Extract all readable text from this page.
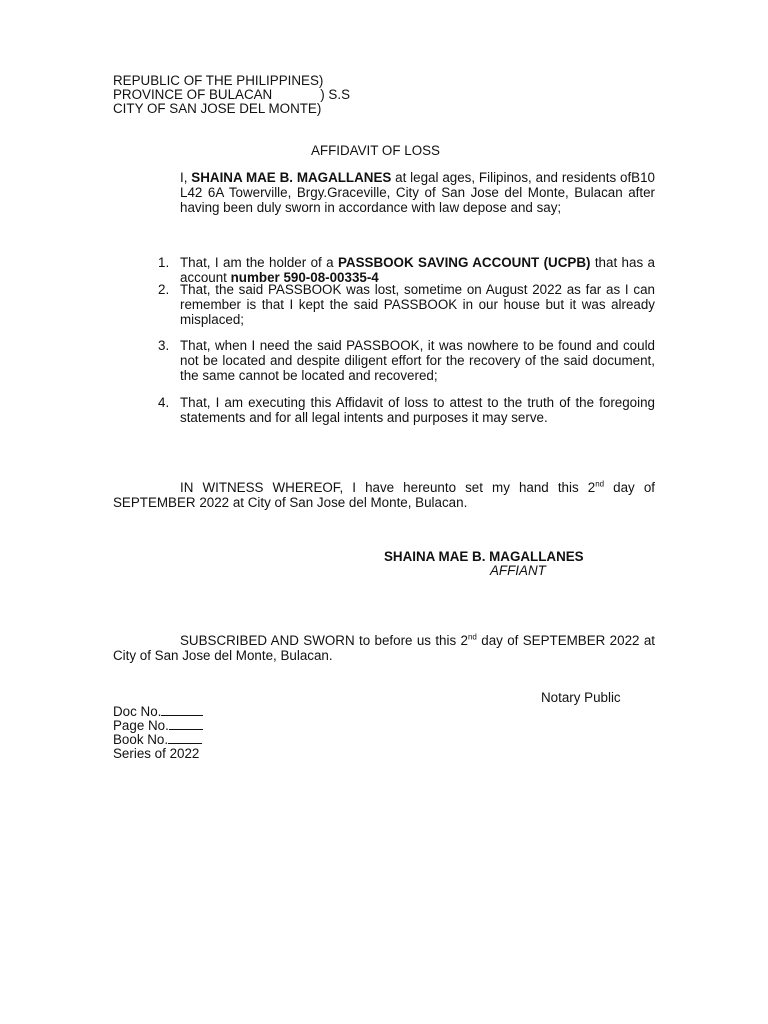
REPUBLIC OF THE PHILIPPINES)
PROVINCE OF BULACAN	) S.S
CITY OF SAN JOSE DEL MONTE)
AFFIDAVIT OF LOSS
I, SHAINA MAE B. MAGALLANES at legal ages, Filipinos, and residents ofB10 L42 6A Towerville, Brgy.Graceville, City of San Jose del Monte, Bulacan after having been duly sworn in accordance with law depose and say;
1. That, I am the holder of a PASSBOOK SAVING ACCOUNT (UCPB) that has a account number 590-08-00335-4
2. That, the said PASSBOOK was lost, sometime on August 2022 as far as I can remember is that I kept the said PASSBOOK in our house but it was already misplaced;
3. That, when I need the said PASSBOOK, it was nowhere to be found and could not be located and despite diligent effort for the recovery of the said document, the same cannot be located and recovered;
4. That, I am executing this Affidavit of loss to attest to the truth of the foregoing statements and for all legal intents and purposes it may serve.
IN WITNESS WHEREOF, I have hereunto set my hand this 2nd day of SEPTEMBER 2022 at City of San Jose del Monte, Bulacan.
SHAINA MAE B. MAGALLANES
AFFIANT
SUBSCRIBED AND SWORN to before us this 2nd day of SEPTEMBER 2022 at City of San Jose del Monte, Bulacan.
Notary Public
Doc No.
Page No.
Book No.
Series of 2022
